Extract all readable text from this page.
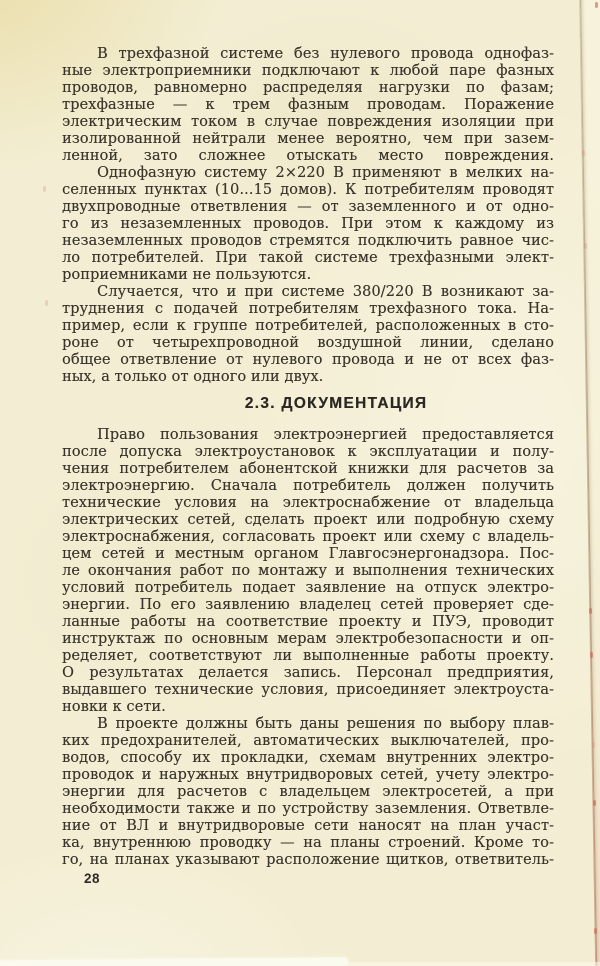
В трехфазной системе без нулевого провода однофаз-
ные электроприемники подключают к любой паре фазных
проводов, равномерно распределяя нагрузки по фазам;
трехфазные — к трем фазным проводам. Поражение
электрическим током в случае повреждения изоляции при
изолированной нейтрали менее вероятно, чем при зазем-
ленной, зато сложнее отыскать место повреждения.
Однофазную систему 2×220 В применяют в мелких на-
селенных пунктах (10...15 домов). К потребителям проводят
двухпроводные ответвления — от заземленного и от одно-
го из незаземленных проводов. При этом к каждому из
незаземленных проводов стремятся подключить равное чис-
ло потребителей. При такой системе трехфазными элект-
роприемниками не пользуются.
Случается, что и при системе 380/220 В возникают за-
труднения с подачей потребителям трехфазного тока. На-
пример, если к группе потребителей, расположенных в сто-
роне от четырехпроводной воздушной линии, сделано
общее ответвление от нулевого провода и не от всех фаз-
ных, а только от одного или двух.
2.3. ДОКУМЕНТАЦИЯ
Право пользования электроэнергией предоставляется
после допуска электроустановок к эксплуатации и полу-
чения потребителем абонентской книжки для расчетов за
электроэнергию. Сначала потребитель должен получить
технические условия на электроснабжение от владельца
электрических сетей, сделать проект или подробную схему
электроснабжения, согласовать проект или схему с владель-
цем сетей и местным органом Главгосэнергонадзора. Пос-
ле окончания работ по монтажу и выполнения технических
условий потребитель подает заявление на отпуск электро-
энергии. По его заявлению владелец сетей проверяет сде-
ланные работы на соответствие проекту и ПУЭ, проводит
инструктаж по основным мерам электробезопасности и оп-
ределяет, соответствуют ли выполненные работы проекту.
О результатах делается запись. Персонал предприятия,
выдавшего технические условия, присоединяет электроуста-
новки к сети.
В проекте должны быть даны решения по выбору плав-
ких предохранителей, автоматических выключателей, про-
водов, способу их прокладки, схемам внутренних электро-
проводок и наружных внутридворовых сетей, учету электро-
энергии для расчетов с владельцем электросетей, а при
необходимости также и по устройству заземления. Ответвле-
ние от ВЛ и внутридворовые сети наносят на план участ-
ка, внутреннюю проводку — на планы строений. Кроме то-
го, на планах указывают расположение щитков, ответвитель-
28
